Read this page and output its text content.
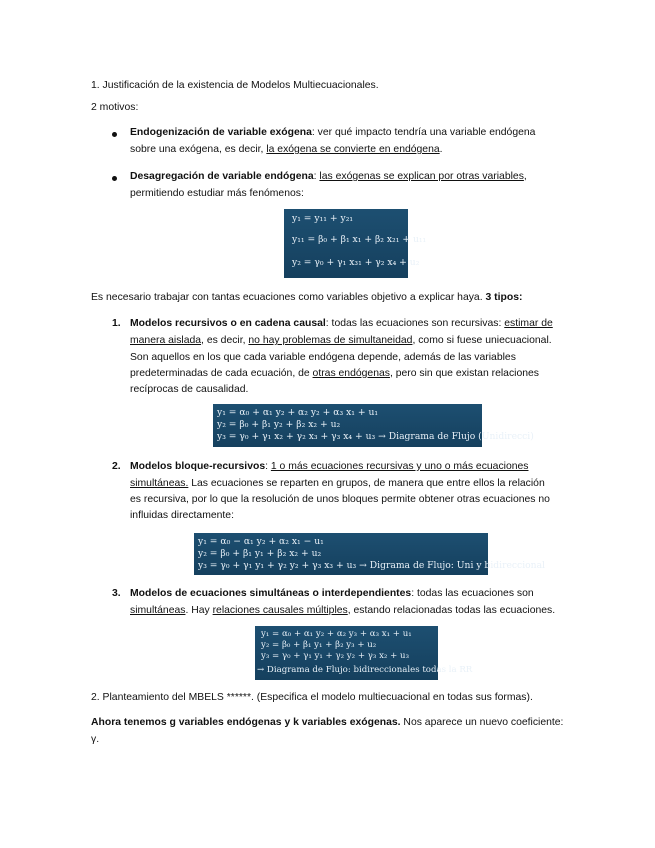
1. Justificación de la existencia de Modelos Multiecuacionales.
2 motivos:
Endogenización de variable exógena: ver qué impacto tendría una variable endógena
sobre una exógena, es decir, la exógena se convierte en endógena.
Desagregación de variable endógena: las exógenas se explican por otras variables,
permitiendo estudiar más fenómenos:
y₁ = y₁₁ + y₂₁
y₁₁ = β₀ + β₁ x₁ + β₂ x₂₁ + u₁₁
y₂ = γ₀ + γ₁ x₃₁ + γ₂ x₄ + u₂
Es necesario trabajar con tantas ecuaciones como variables objetivo a explicar haya. 3 tipos:
1. Modelos recursivos o en cadena causal: todas las ecuaciones son recursivas: estimar de
manera aislada, es decir, no hay problemas de simultaneidad, como si fuese uniecuacional.
Son aquellos en los que cada variable endógena depende, además de las variables
predeterminadas de cada ecuación, de otras endógenas, pero sin que existan relaciones
recíprocas de causalidad.
y₁ = α₀ + α₁ y₂ + α₂ y₂ + α₃ x₁ + u₁
y₂ = β₀ + β₁ y₂ + β₂ x₂ + u₂
y₃ = γ₀ + γ₁ x₂ + γ₂ x₃ + γ₃ x₄ + u₃ → Diagrama de Flujo (Unidirecci)
2. Modelos bloque-recursivos: 1 o más ecuaciones recursivas y uno o más ecuaciones
simultáneas. Las ecuaciones se reparten en grupos, de manera que entre ellos la relación
es recursiva, por lo que la resolución de unos bloques permite obtener otras ecuaciones no
influidas directamente:
y₁ = α₀ − α₁ y₂ + α₂ x₁ − u₁
y₂ = β₀ + β₁ y₁ + β₂ x₂ + u₂
y₃ = γ₀ + γ₁ y₁ + γ₂ y₂ + γ₃ x₃ + u₃ → Digrama de Flujo: Uni y bidireccional
3. Modelos de ecuaciones simultáneas o interdependientes: todas las ecuaciones son
simultáneas. Hay relaciones causales múltiples, estando relacionadas todas las ecuaciones.
y₁ = α₀ + α₁ y₂ + α₂ y₃ + α₃ x₁ + u₁
y₂ = β₀ + β₁ y₁ + β₂ y₃ + u₂
y₃ = γ₀ + γ₁ y₁ + γ₂ y₂ + γ₃ x₂ + u₃
→ Diagrama de Flujo: bidireccionales todas la RR
2. Planteamiento del MBELS ******. (Especifica el modelo multiecuacional en todas sus formas).
Ahora tenemos g variables endógenas y k variables exógenas. Nos aparece un nuevo coeficiente:
γ.
